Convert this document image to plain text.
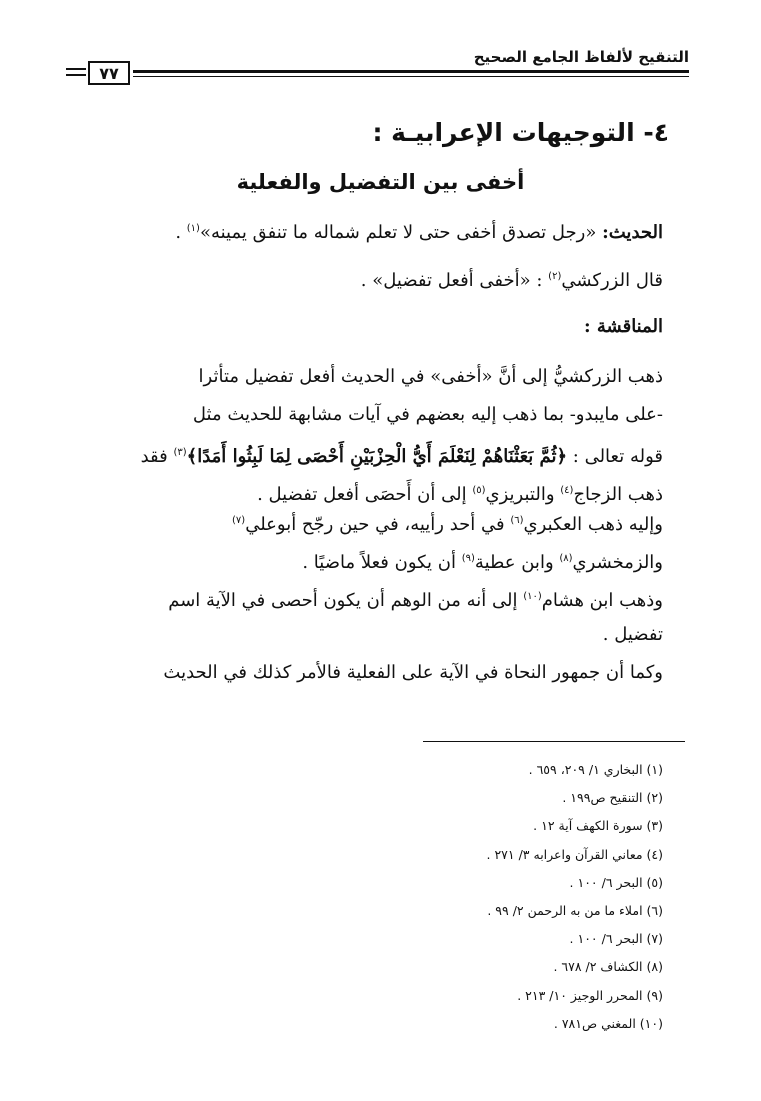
التنقيح لألفاظ الجامع الصحيح
٧٧
٤- التوجيهات الإعرابيـة :
أخفى بين التفضيل والفعلية
الحديث: «رجل تصدق أخفى حتى لا تعلم شماله ما تنفق يمينه»$^{(١)}$ .
قال الزركشي$^{(٢)}$ : «أخفى أفعل تفضيل» .
المناقشة :
ذهب الزركشيُّ إلى أنَّ «أخفى» في الحديث أفعل تفضيل متأثرا
-على مايبدو- بما ذهب إليه بعضهم في آيات مشابهة للحديث مثل
قوله تعالى : ﴿ثُمَّ بَعَثْنَاهُمْ لِنَعْلَمَ أَيُّ الْحِزْبَيْنِ أَحْصَى لِمَا لَبِثُوا أَمَدًا﴾$^{(٣)}$ فقد
ذهب الزجاج$^{(٤)}$ والتبريزي$^{(٥)}$ إلى أن أَحصَى أفعل تفضيل .
وإليه ذهب العكبري$^{(٦)}$ في أحد رأييه، في حين رجّح أبوعلي$^{(٧)}$
والزمخشري$^{(٨)}$ وابن عطية$^{(٩)}$ أن يكون فعلاً ماضيًا .
وذهب ابن هشام$^{(١٠)}$ إلى أنه من الوهم أن يكون أحصى في الآية اسم
تفضيل .
وكما أن جمهور النحاة في الآية على الفعلية فالأمر كذلك في الحديث
(١) البخاري ١/ ٢٠٩، ٦٥٩ .
(٢) التنقيح ص١٩٩ .
(٣) سورة الكهف آية ١٢ .
(٤) معاني القرآن واعرابه ٣/ ٢٧١ .
(٥) البحر ٦/ ١٠٠ .
(٦) املاء ما من به الرحمن ٢/ ٩٩ .
(٧) البحر ٦/ ١٠٠ .
(٨) الكشاف ٢/ ٦٧٨ .
(٩) المحرر الوجيز ١٠/ ٢١٣ .
(١٠) المغني ص٧٨١ .
